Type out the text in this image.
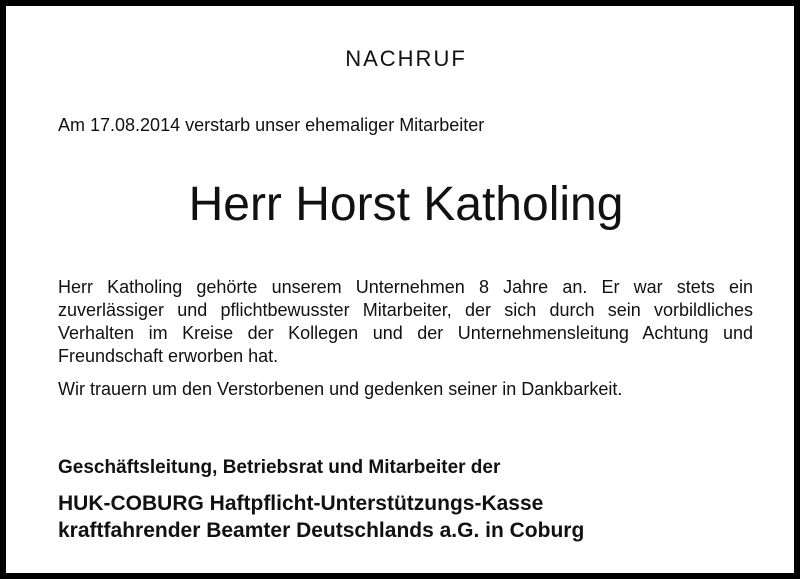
NACHRUF
Am 17.08.2014 verstarb unser ehemaliger Mitarbeiter
Herr Horst Katholing

Herr Katholing gehörte unserem Unternehmen 8 Jahre an. Er war stets ein zuverlässiger und pflichtbewusster Mitarbeiter, der sich durch sein vorbildliches Verhalten im Kreise der Kollegen und der Unternehmensleitung Achtung und Freundschaft erworben hat.

Wir trauern um den Verstorbenen und gedenken seiner in Dankbarkeit.

Geschäftsleitung, Betriebsrat und Mitarbeiter der
HUK-COBURG Haftpflicht-Unterstützungs-Kasse
kraftfahrender Beamter Deutschlands a.G. in Coburg
